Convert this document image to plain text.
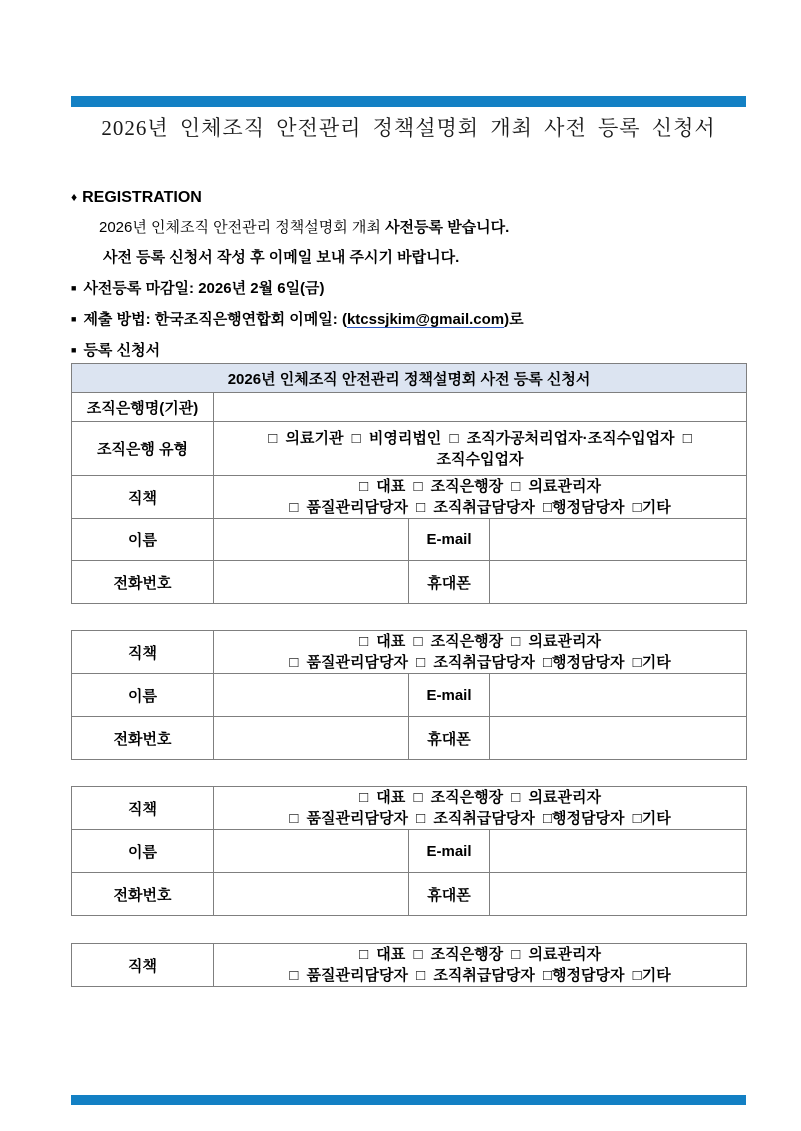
2026년 인체조직 안전관리 정책설명회 개최 사전 등록 신청서
♦ REGISTRATION
2026년 인체조직 안전관리 정책설명회 개최 사전등록 받습니다.
사전 등록 신청서 작성 후 이메일 보내 주시기 바랍니다.
■ 사전등록 마감일: 2026년 2월 6일(금)
■ 제출 방법: 한국조직은행연합회 이메일: (ktcssjkim@gmail.com)로
■ 등록 신청서
2026년 인체조직 안전관리 정책설명회 사전 등록 신청서			
조직은행명(기관)			
조직은행 유형	□ 의료기관 □ 비영리법인 □ 조직가공처리업자·조직수입업자 □
조직수입업자		

직책	□ 대표 □ 조직은행장 □ 의료관리자
□ 품질관리담당자 □ 조직취급담당자 □행정담당자 □기타		

이름		E-mail	
전화번호		휴대폰	
직책	□ 대표 □ 조직은행장 □ 의료관리자
□ 품질관리담당자 □ 조직취급담당자 □행정담당자 □기타		

이름		E-mail	
전화번호		휴대폰	
직책	□ 대표 □ 조직은행장 □ 의료관리자
□ 품질관리담당자 □ 조직취급담당자 □행정담당자 □기타		

이름		E-mail	
전화번호		휴대폰	
직책	
□ 대표 □ 조직은행장 □ 의료관리자
□ 품질관리담당자 □ 조직취급담당자 □행정담당자 □기타
